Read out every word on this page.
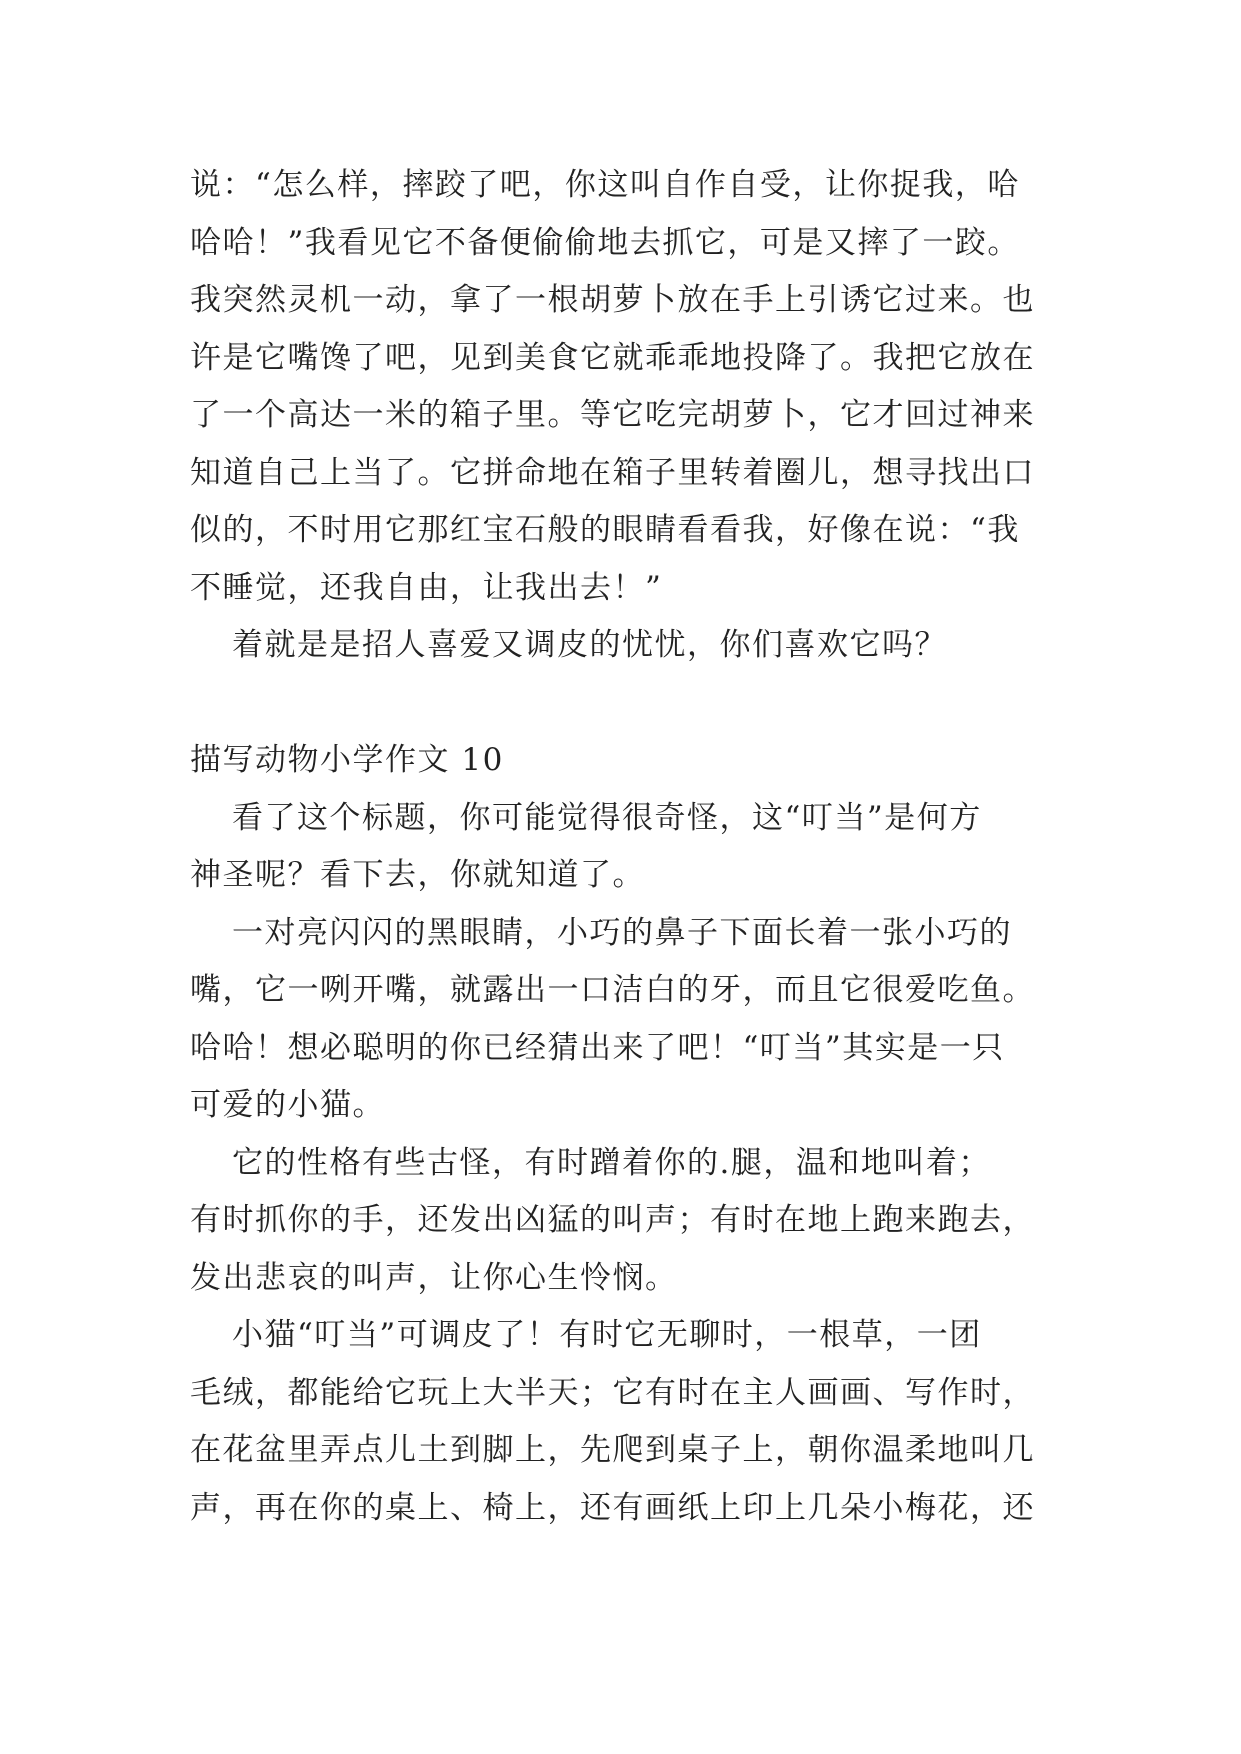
说：“怎么样，摔跤了吧，你这叫自作自受，让你捉我，哈
哈哈！”我看见它不备便偷偷地去抓它，可是又摔了一跤。
我突然灵机一动，拿了一根胡萝卜放在手上引诱它过来。也
许是它嘴馋了吧，见到美食它就乖乖地投降了。我把它放在
了一个高达一米的箱子里。等它吃完胡萝卜，它才回过神来
知道自己上当了。它拼命地在箱子里转着圈儿，想寻找出口
似的，不时用它那红宝石般的眼睛看看我，好像在说：“我
不睡觉，还我自由，让我出去！”
着就是是招人喜爱又调皮的忧忧，你们喜欢它吗？
描写动物小学作文 10
看了这个标题，你可能觉得很奇怪，这“叮当”是何方
神圣呢？看下去，你就知道了。
一对亮闪闪的黑眼睛，小巧的鼻子下面长着一张小巧的
嘴，它一咧开嘴，就露出一口洁白的牙，而且它很爱吃鱼。
哈哈！想必聪明的你已经猜出来了吧！“叮当”其实是一只
可爱的小猫。
它的性格有些古怪，有时蹭着你的.腿，温和地叫着；
有时抓你的手，还发出凶猛的叫声；有时在地上跑来跑去，
发出悲哀的叫声，让你心生怜悯。
小猫“叮当”可调皮了！有时它无聊时，一根草，一团
毛绒，都能给它玩上大半天；它有时在主人画画、写作时，
在花盆里弄点儿土到脚上，先爬到桌子上，朝你温柔地叫几
声，再在你的桌上、椅上，还有画纸上印上几朵小梅花，还
